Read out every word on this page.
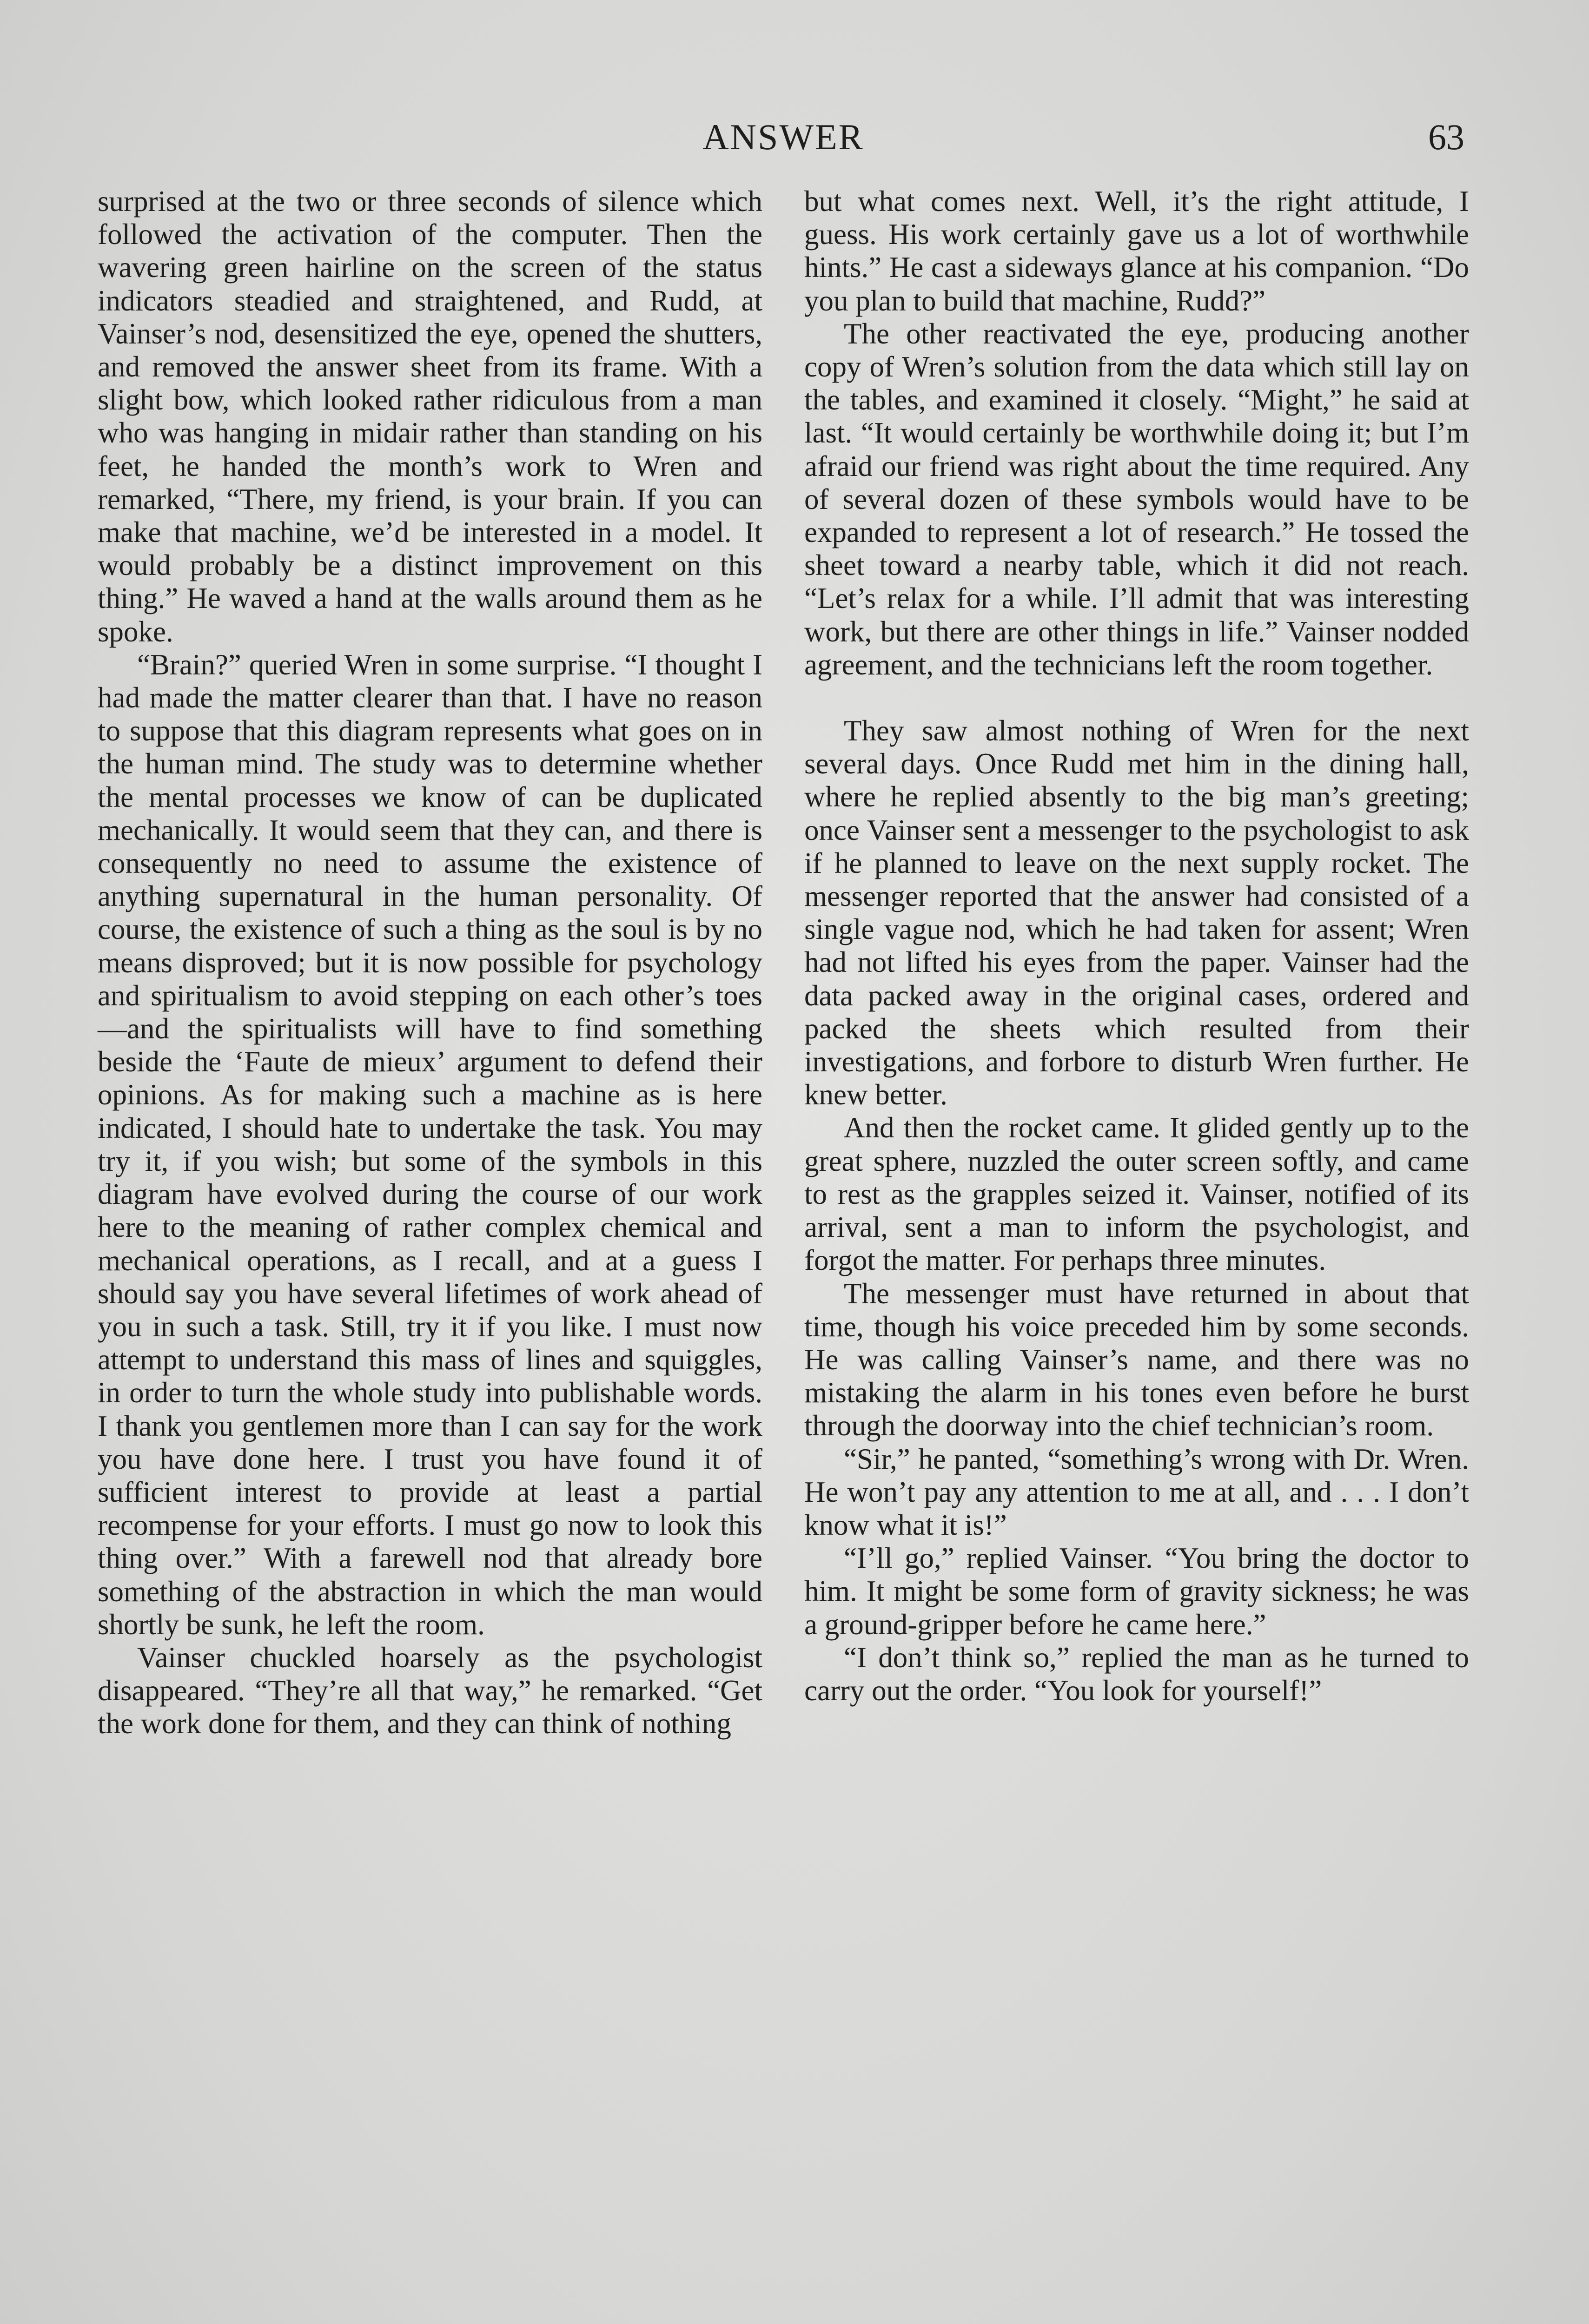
ANSWER	63

surprised at the two or three seconds of silence which followed the activation of the computer. Then the wavering green hairline on the screen of the status indicators steadied and straightened, and Rudd, at Vainser’s nod, desensitized the eye, opened the shutters, and removed the answer sheet from its frame. With a slight bow, which looked rather ridiculous from a man who was hanging in midair rather than standing on his feet, he handed the month’s work to Wren and remarked, “There, my friend, is your brain. If you can make that machine, we’d be interested in a model. It would probably be a distinct improvement on this thing.” He waved a hand at the walls around them as he spoke.

“Brain?” queried Wren in some surprise. “I thought I had made the matter clearer than that. I have no reason to suppose that this diagram represents what goes on in the human mind. The study was to determine whether the mental processes we know of can be duplicated mechanically. It would seem that they can, and there is consequently no need to assume the existence of anything supernatural in the human personality. Of course, the existence of such a thing as the soul is by no means disproved; but it is now possible for psychology and spiritualism to avoid stepping on each other’s toes—and the spiritualists will have to find something beside the ‘Faute de mieux’ argument to defend their opinions. As for making such a machine as is here indicated, I should hate to undertake the task. You may try it, if you wish; but some of the symbols in this diagram have evolved during the course of our work here to the meaning of rather complex chemical and mechanical operations, as I recall, and at a guess I should say you have several lifetimes of work ahead of you in such a task. Still, try it if you like. I must now attempt to understand this mass of lines and squiggles, in order to turn the whole study into publishable words. I thank you gentlemen more than I can say for the work you have done here. I trust you have found it of sufficient interest to provide at least a partial recompense for your efforts. I must go now to look this thing over.” With a farewell nod that already bore something of the abstraction in which the man would shortly be sunk, he left the room.

Vainser chuckled hoarsely as the psychologist disappeared. “They’re all that way,” he remarked. “Get the work done for them, and they can think of nothing

but what comes next. Well, it’s the right attitude, I guess. His work certainly gave us a lot of worthwhile hints.” He cast a sideways glance at his companion. “Do you plan to build that machine, Rudd?”

The other reactivated the eye, producing another copy of Wren’s solution from the data which still lay on the tables, and examined it closely. “Might,” he said at last. “It would certainly be worthwhile doing it; but I’m afraid our friend was right about the time required. Any of several dozen of these symbols would have to be expanded to represent a lot of research.” He tossed the sheet toward a nearby table, which it did not reach. “Let’s relax for a while. I’ll admit that was interesting work, but there are other things in life.” Vainser nodded agreement, and the technicians left the room together.

They saw almost nothing of Wren for the next several days. Once Rudd met him in the dining hall, where he replied absently to the big man’s greeting; once Vainser sent a messenger to the psychologist to ask if he planned to leave on the next supply rocket. The messenger reported that the answer had consisted of a single vague nod, which he had taken for assent; Wren had not lifted his eyes from the paper. Vainser had the data packed away in the original cases, ordered and packed the sheets which resulted from their investigations, and forbore to disturb Wren further. He knew better.

And then the rocket came. It glided gently up to the great sphere, nuzzled the outer screen softly, and came to rest as the grapples seized it. Vainser, notified of its arrival, sent a man to inform the psychologist, and forgot the matter. For perhaps three minutes.

The messenger must have returned in about that time, though his voice preceded him by some seconds. He was calling Vainser’s name, and there was no mistaking the alarm in his tones even before he burst through the doorway into the chief technician’s room.

“Sir,” he panted, “something’s wrong with Dr. Wren. He won’t pay any attention to me at all, and . . . I don’t know what it is!”

“I’ll go,” replied Vainser. “You bring the doctor to him. It might be some form of gravity sickness; he was a ground-gripper before he came here.”

“I don’t think so,” replied the man as he turned to carry out the order. “You look for yourself!”
